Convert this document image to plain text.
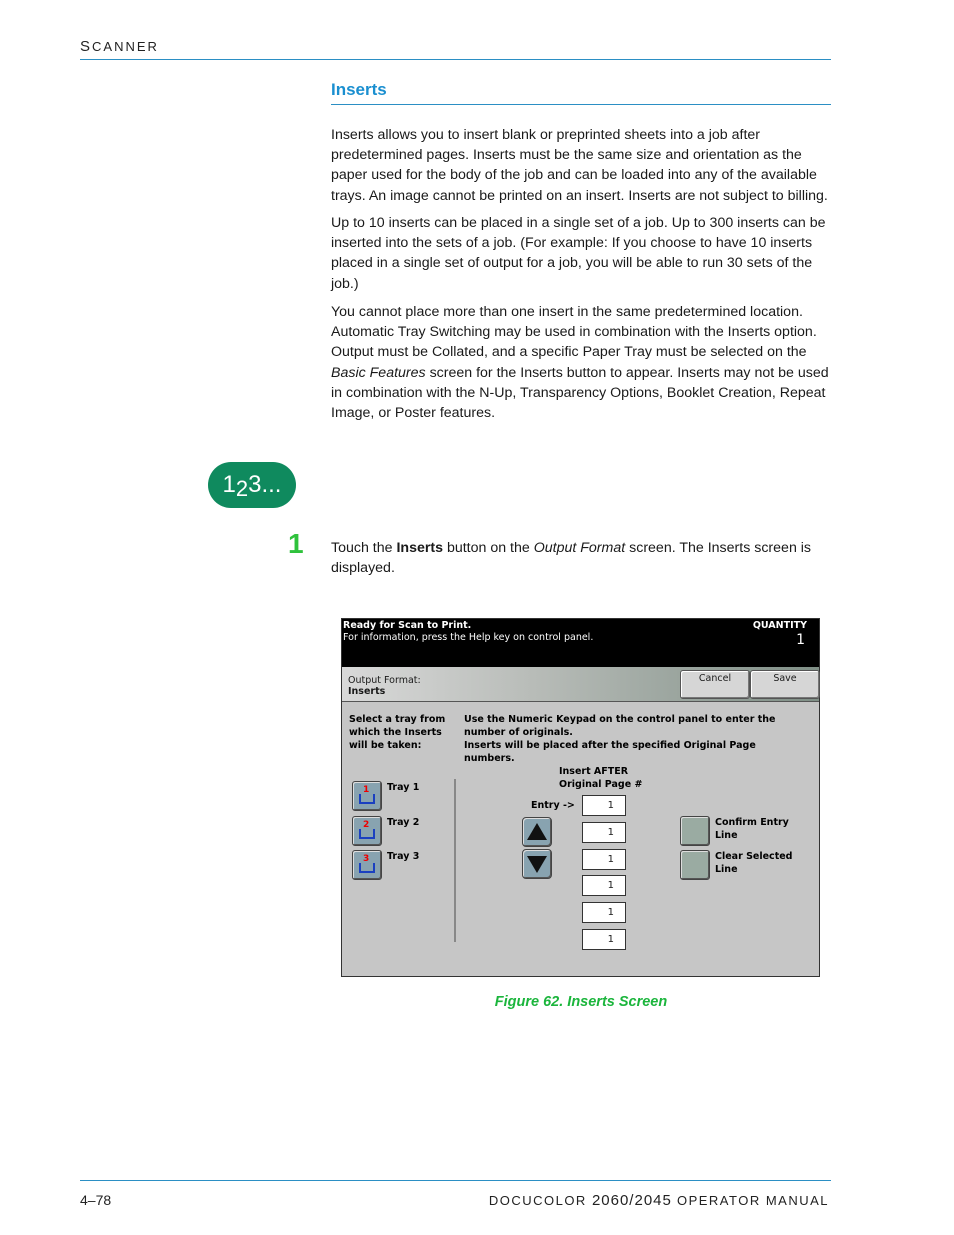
SCANNER
Inserts
Inserts allows you to insert blank or preprinted sheets into a job after predetermined pages. Inserts must be the same size and orientation as the paper used for the body of the job and can be loaded into any of the available trays. An image cannot be printed on an insert. Inserts are not subject to billing.
Up to 10 inserts can be placed in a single set of a job. Up to 300 inserts can be inserted into the sets of a job. (For example: If you choose to have 10 inserts placed in a single set of output for a job, you will be able to run 30 sets of the job.)
You cannot place more than one insert in the same predetermined location. Automatic Tray Switching may be used in combination with the Inserts option. Output must be Collated, and a specific Paper Tray must be selected on the Basic Features screen for the Inserts button to appear. Inserts may not be used in combination with the N-Up, Transparency Options, Booklet Creation, Repeat Image, or Poster features.
123...
1 Touch the Inserts button on the Output Format screen. The Inserts screen is displayed.
Ready for Scan to Print.
For information, press the Help key on control panel.
QUANTITY
1
Output Format:
Inserts
Cancel	Save
Select a tray from
which the Inserts
will be taken:
Use the Numeric Keypad on the control panel to enter the
number of originals.
Inserts will be placed after the specified Original Page
numbers.
Insert AFTER
Original Page #
1 Tray 1
2 Tray 2
3 Tray 3
Entry ->	1
1
1
1
1
1
Confirm Entry
Line
Clear Selected
Line
Figure 62. Inserts Screen
4–78	DOCUCOLOR 2060/2045 OPERATOR MANUAL
